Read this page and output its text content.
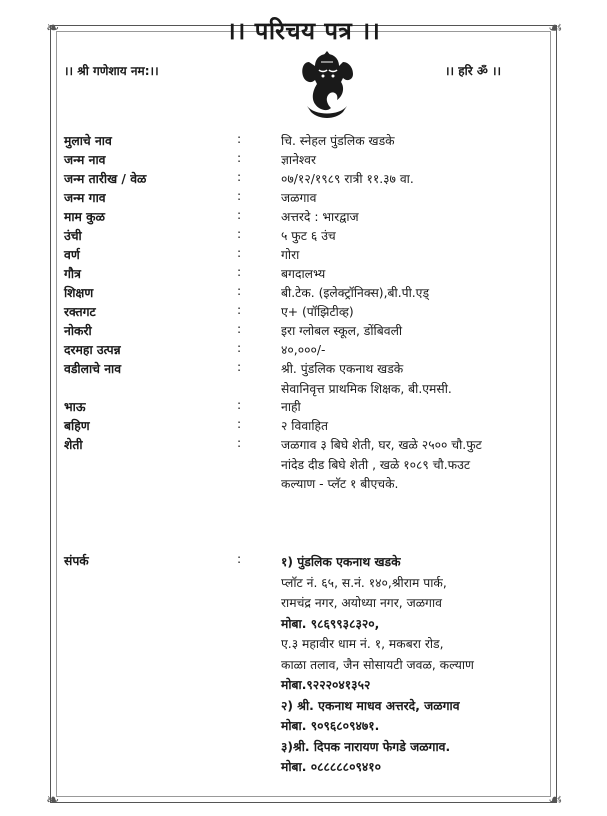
❧	☙
❧	☙
।। परिचय पत्र ।।
।। श्री गणेशाय नम:।।	।। हरि ॐ ।।
मुलाचे नाव	:	चि. स्नेहल पुंडलिक खडके
जन्म नाव	:	ज्ञानेश्वर
जन्म तारीख / वेळ	:	०७/१२/१९८९ रात्री ११.३७ वा.
जन्म गाव	:	जळगाव
माम कुळ	:	अत्तरदे : भारद्वाज
उंची	:	५ फुट ६ उंच
वर्ण	:	गोरा
गौत्र	:	बगदालभ्य
शिक्षण	:	बी.टेक. (इलेक्ट्रॉनिक्स),बी.पी.एड्
रक्तगट	:	ए+ (पॉझिटीव्ह)
नोकरी	:	इरा ग्लोबल स्कूल, डोंबिवली
दरमहा उत्पन्न	:	४०,०००/-
वडीलाचे नाव	:	श्री. पुंडलिक एकनाथ खडके
सेवानिवृत्त प्राथमिक शिक्षक, बी.एमसी.
भाऊ	:	नाही
बहिण	:	२ विवाहित
शेती	:	जळगाव ३ बिघे शेती, घर, खळे २५०० चौ.फुट
नांदेड दीड बिघे शेती , खळे १०८९ चौ.फउट
कल्याण - प्लॅट १ बीएचके.
संपर्क	:	१) पुंडलिक एकनाथ खडके
प्लॉट नं. ६५, स.नं. १४०,श्रीराम पार्क,
रामचंद्र नगर, अयोध्या नगर, जळगाव
मोबा. ९८६९९३८३२०,
ए.३ महावीर धाम नं. १, मकबरा रोड,
काळा तलाव, जैन सोसायटी जवळ, कल्याण
मोबा.९२२२०४१३५२
२) श्री. एकनाथ माधव अत्तरदे, जळगाव
मोबा. ९०९६८०९४७१.
३)श्री. दिपक नारायण फेगडे जळगाव.
मोबा. ०८८८८८०९४१०
